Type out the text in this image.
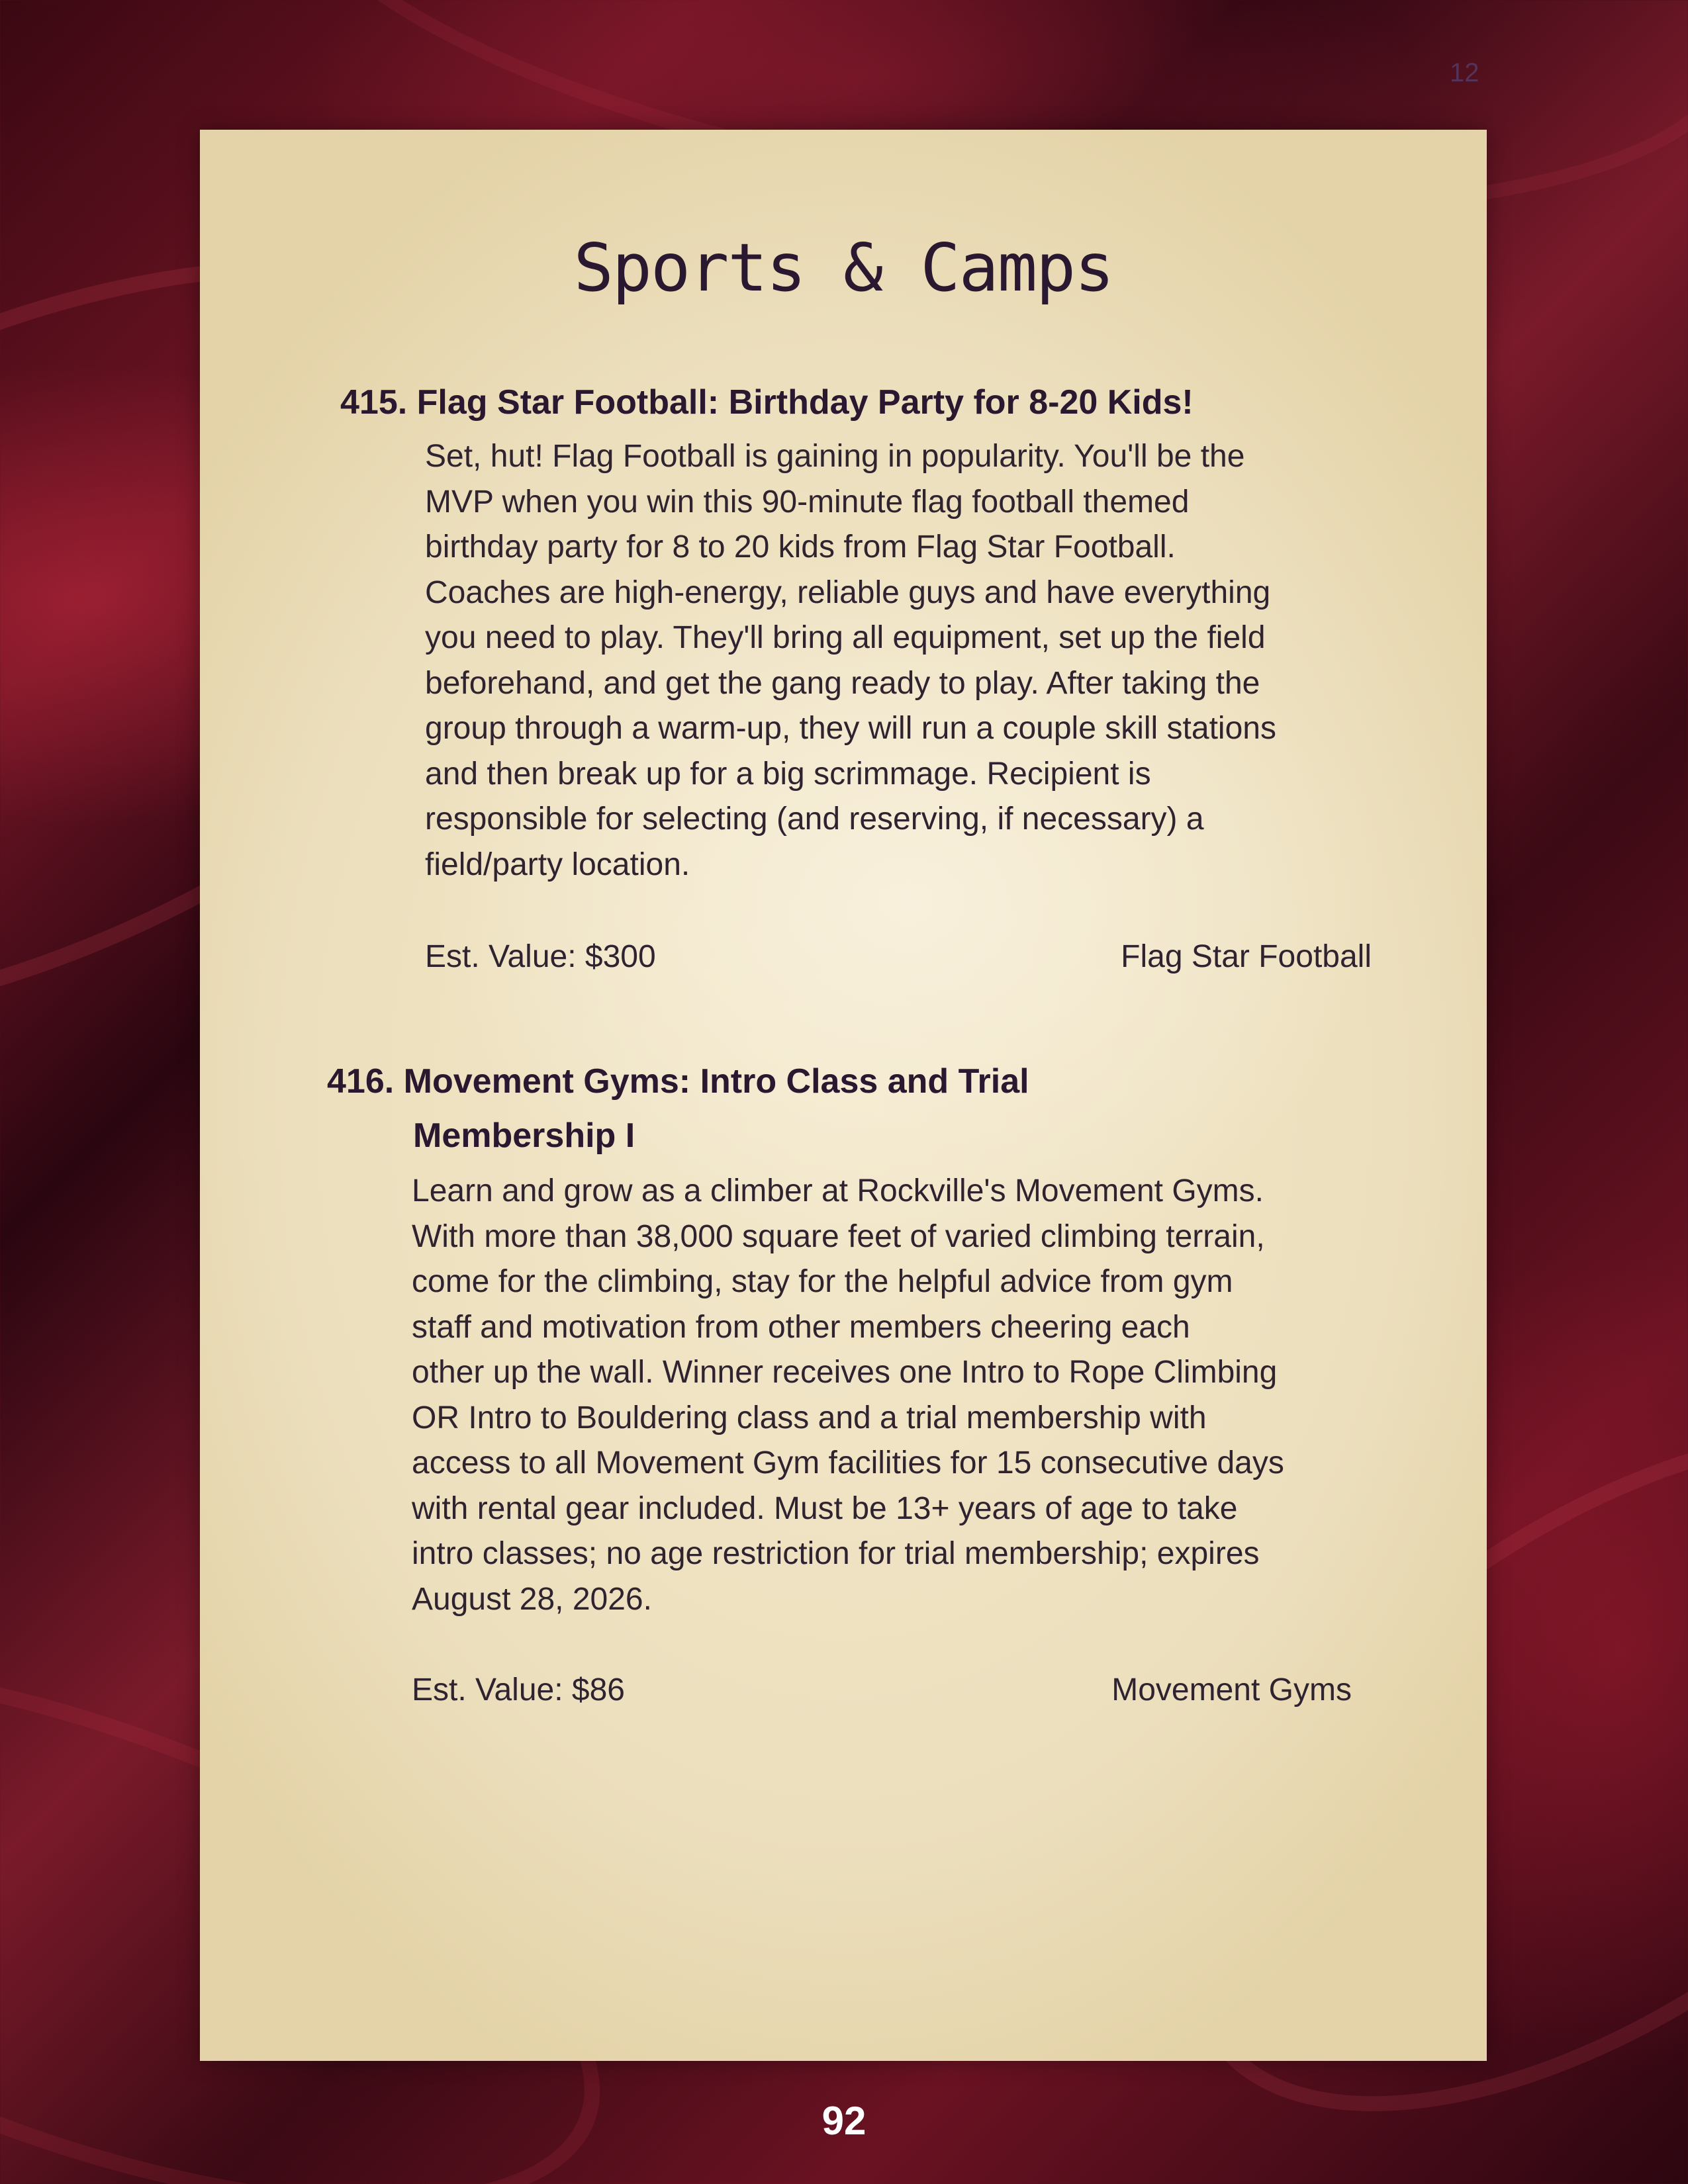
12
Sports & Camps
415. Flag Star Football: Birthday Party for 8-20 Kids!
Set, hut! Flag Football is gaining in popularity. You'll be the
MVP when you win this 90-minute flag football themed
birthday party for 8 to 20 kids from Flag Star Football.
Coaches are high-energy, reliable guys and have everything
you need to play. They'll bring all equipment, set up the field
beforehand, and get the gang ready to play. After taking the
group through a warm-up, they will run a couple skill stations
and then break up for a big scrimmage. Recipient is
responsible for selecting (and reserving, if necessary) a
field/party location.
Est. Value: $300	Flag Star Football
416. Movement Gyms: Intro Class and Trial
Membership I
Learn and grow as a climber at Rockville's Movement Gyms.
With more than 38,000 square feet of varied climbing terrain,
come for the climbing, stay for the helpful advice from gym
staff and motivation from other members cheering each
other up the wall. Winner receives one Intro to Rope Climbing
OR Intro to Bouldering class and a trial membership with
access to all Movement Gym facilities for 15 consecutive days
with rental gear included. Must be 13+ years of age to take
intro classes; no age restriction for trial membership; expires
August 28, 2026.
Est. Value: $86	Movement Gyms
92
